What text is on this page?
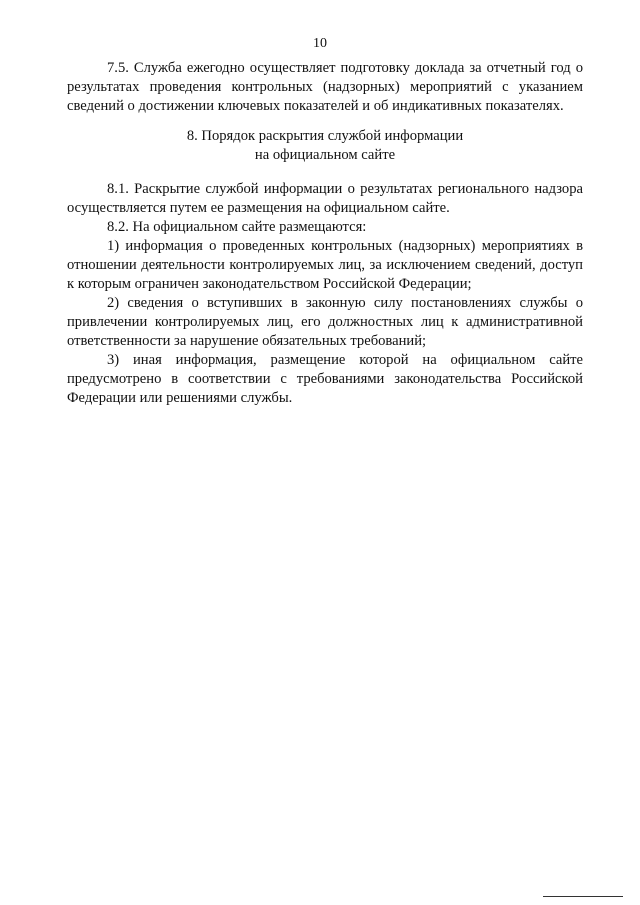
10

7.5. Служба ежегодно осуществляет подготовку доклада за отчетный год о результатах проведения контрольных (надзорных) мероприятий с указанием сведений о достижении ключевых показателей и об индикативных показателях.

8. Порядок раскрытия службой информации

на официальном сайте

8.1. Раскрытие службой информации о результатах регионального надзора осуществляется путем ее размещения на официальном сайте.

8.2. На официальном сайте размещаются:

1) информация о проведенных контрольных (надзорных) мероприятиях в отношении деятельности контролируемых лиц, за исключением сведений, доступ к которым ограничен законодательством Российской Федерации;

2) сведения о вступивших в законную силу постановлениях службы о привлечении контролируемых лиц, его должностных лиц к административной ответственности за нарушение обязательных требований;

3) иная информация, размещение которой на официальном сайте предусмотрено в соответствии с требованиями законодательства Российской Федерации или решениями службы.
